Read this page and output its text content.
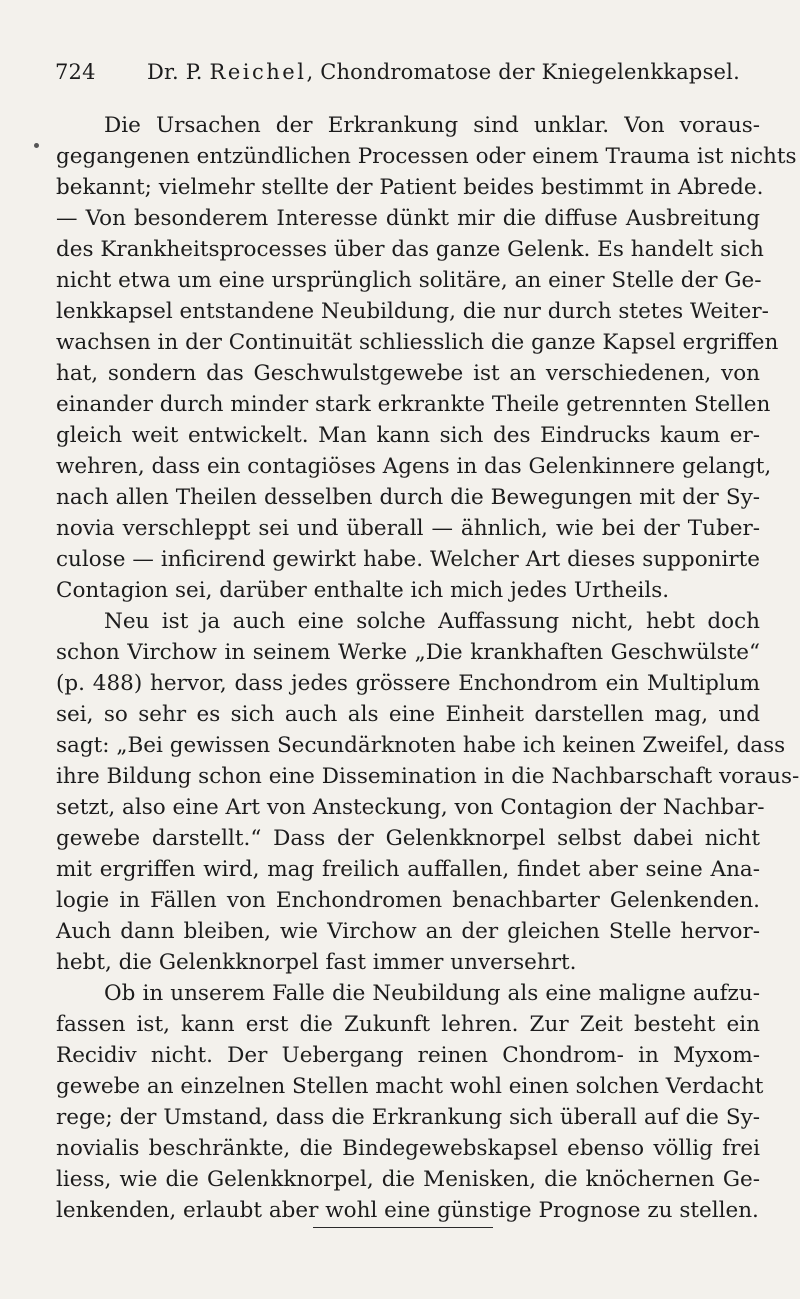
724 Dr. P. Reichel, Chondromatose der Kniegelenkkapsel.

Die Ursachen der Erkrankung sind unklar. Von voraus-
gegangenen entzündlichen Processen oder einem Trauma ist nichts
bekannt; vielmehr stellte der Patient beides bestimmt in Abrede.
— Von besonderem Interesse dünkt mir die diffuse Ausbreitung
des Krankheitsprocesses über das ganze Gelenk. Es handelt sich
nicht etwa um eine ursprünglich solitäre, an einer Stelle der Ge-
lenkkapsel entstandene Neubildung, die nur durch stetes Weiter-
wachsen in der Continuität schliesslich die ganze Kapsel ergriffen
hat, sondern das Geschwulstgewebe ist an verschiedenen, von
einander durch minder stark erkrankte Theile getrennten Stellen
gleich weit entwickelt. Man kann sich des Eindrucks kaum er-
wehren, dass ein contagiöses Agens in das Gelenkinnere gelangt,
nach allen Theilen desselben durch die Bewegungen mit der Sy-
novia verschleppt sei und überall — ähnlich, wie bei der Tuber-
culose — inficirend gewirkt habe. Welcher Art dieses supponirte
Contagion sei, darüber enthalte ich mich jedes Urtheils.

Neu ist ja auch eine solche Auffassung nicht, hebt doch
schon Virchow in seinem Werke „Die krankhaften Geschwülste“
(p. 488) hervor, dass jedes grössere Enchondrom ein Multiplum
sei, so sehr es sich auch als eine Einheit darstellen mag, und
sagt: „Bei gewissen Secundärknoten habe ich keinen Zweifel, dass
ihre Bildung schon eine Dissemination in die Nachbarschaft voraus-
setzt, also eine Art von Ansteckung, von Contagion der Nachbar-
gewebe darstellt.“ Dass der Gelenkknorpel selbst dabei nicht
mit ergriffen wird, mag freilich auffallen, findet aber seine Ana-
logie in Fällen von Enchondromen benachbarter Gelenkenden.
Auch dann bleiben, wie Virchow an der gleichen Stelle hervor-
hebt, die Gelenkknorpel fast immer unversehrt.

Ob in unserem Falle die Neubildung als eine maligne aufzu-
fassen ist, kann erst die Zukunft lehren. Zur Zeit besteht ein
Recidiv nicht. Der Uebergang reinen Chondrom- in Myxom-
gewebe an einzelnen Stellen macht wohl einen solchen Verdacht
rege; der Umstand, dass die Erkrankung sich überall auf die Sy-
novialis beschränkte, die Bindegewebskapsel ebenso völlig frei
liess, wie die Gelenkknorpel, die Menisken, die knöchernen Ge-
lenkenden, erlaubt aber wohl eine günstige Prognose zu stellen.
